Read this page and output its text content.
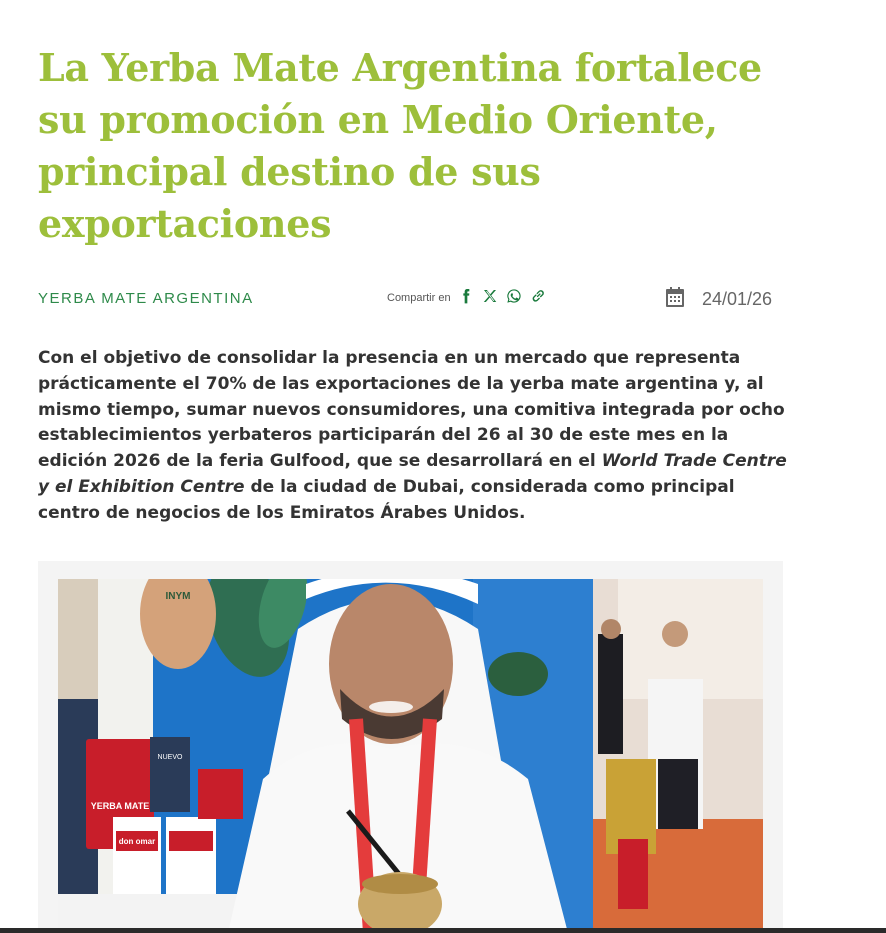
La Yerba Mate Argentina fortalece su promoción en Medio Oriente, principal destino de sus exportaciones
YERBA MATE ARGENTINA	Compartir en	24/01/26

Con el objetivo de consolidar la presencia en un mercado que representa prácticamente el 70% de las exportaciones de la yerba mate argentina y, al mismo tiempo, sumar nuevos consumidores, una comitiva integrada por ocho establecimientos yerbateros participarán del 26 al 30 de este mes en la edición 2026 de la feria Gulfood, que se desarrollará en el World Trade Centre y el Exhibition Centre de la ciudad de Dubai, considerada como principal centro de negocios de los Emiratos Árabes Unidos.

INYM
YERBA MATE
NUEVO
don omar
